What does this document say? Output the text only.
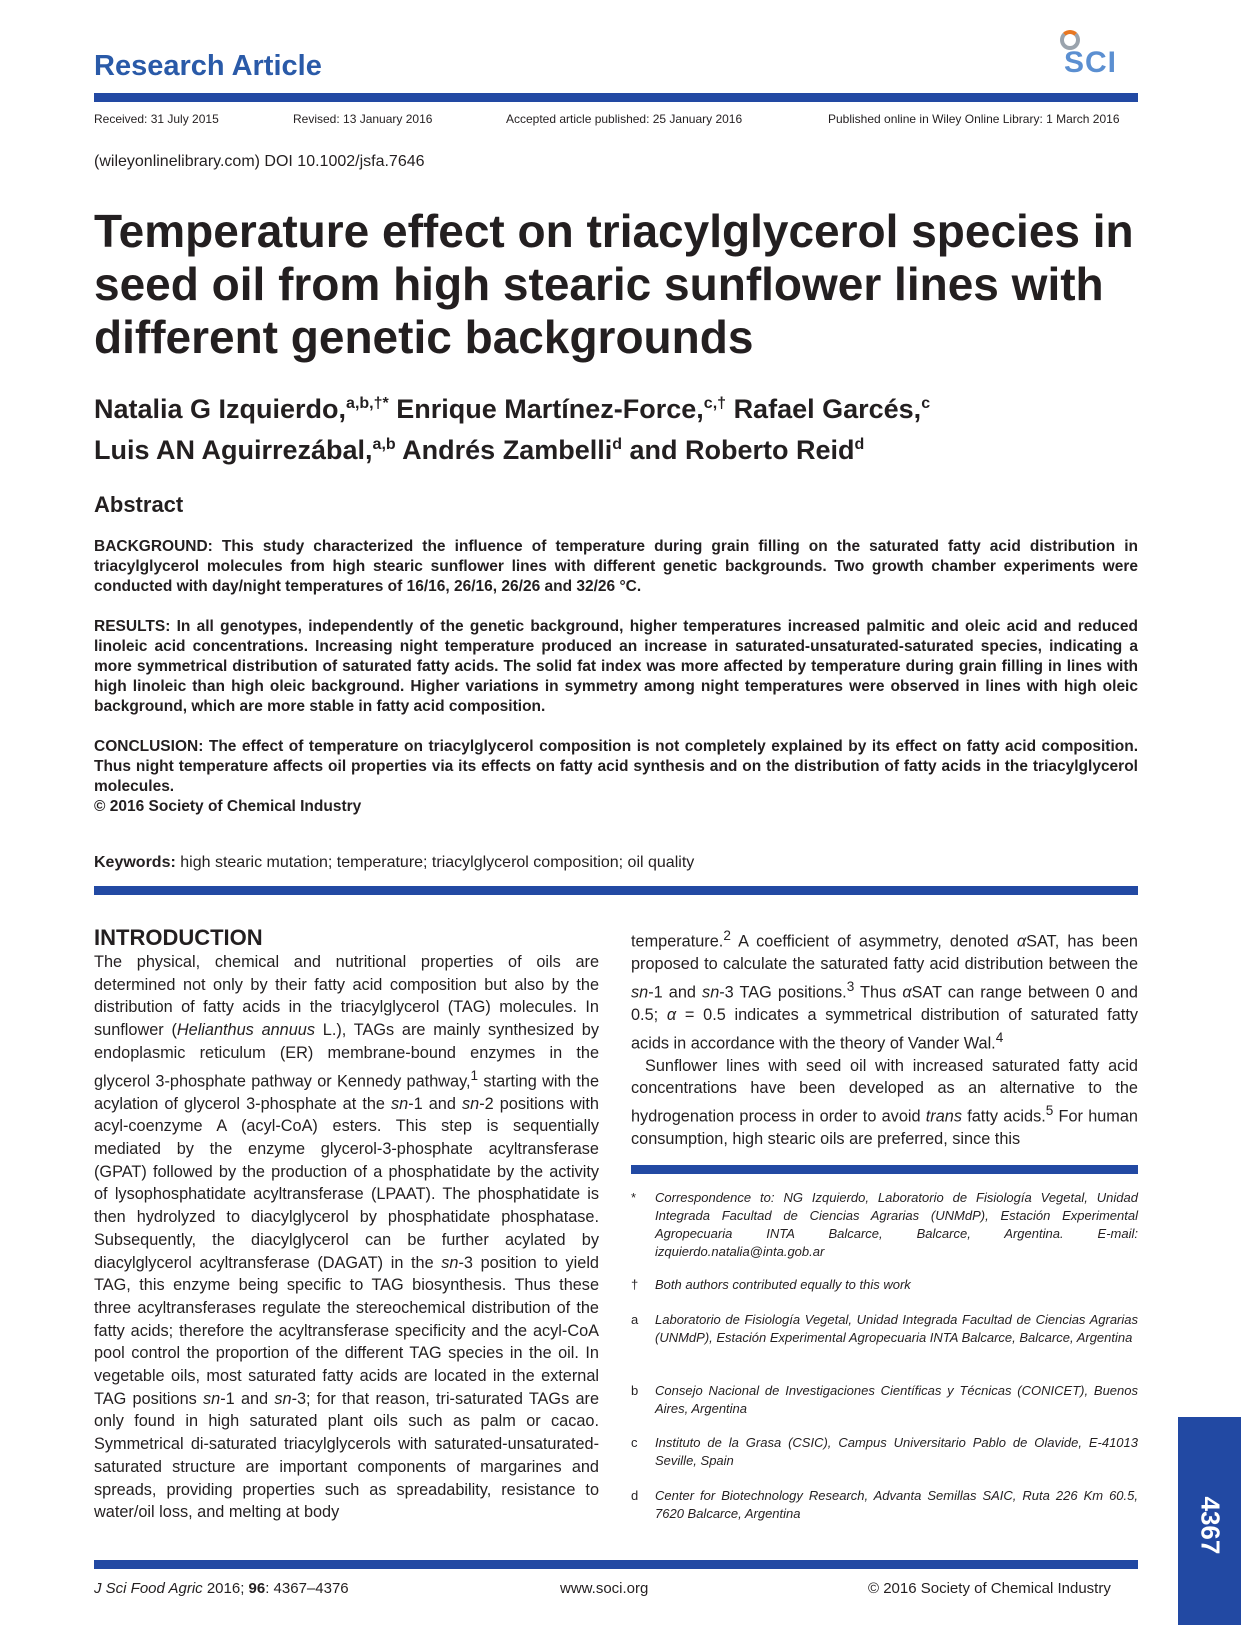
Research Article	SCI
Received: 31 July 2015	Revised: 13 January 2016	Accepted article published: 25 January 2016	Published online in Wiley Online Library: 1 March 2016
(wileyonlinelibrary.com) DOI 10.1002/jsfa.7646
Temperature effect on triacylglycerol species in seed oil from high stearic sunflower lines with different genetic backgrounds
Natalia G Izquierdo,$^{a,b,\dagger*}$ Enrique Martínez-Force,$^{c,\dagger}$ Rafael Garcés,$^c$
Luis AN Aguirrezábal,$^{a,b}$ Andrés Zambelli$^d$ and Roberto Reid$^d$
Abstract
BACKGROUND: This study characterized the influence of temperature during grain filling on the saturated fatty acid distribution in triacylglycerol molecules from high stearic sunflower lines with different genetic backgrounds. Two growth chamber experiments were conducted with day/night temperatures of 16/16, 26/16, 26/26 and 32/26 °C.
RESULTS: In all genotypes, independently of the genetic background, higher temperatures increased palmitic and oleic acid and reduced linoleic acid concentrations. Increasing night temperature produced an increase in saturated-unsaturated-saturated species, indicating a more symmetrical distribution of saturated fatty acids. The solid fat index was more affected by temperature during grain filling in lines with high linoleic than high oleic background. Higher variations in symmetry among night temperatures were observed in lines with high oleic background, which are more stable in fatty acid composition.
CONCLUSION: The effect of temperature on triacylglycerol composition is not completely explained by its effect on fatty acid composition. Thus night temperature affects oil properties via its effects on fatty acid synthesis and on the distribution of fatty acids in the triacylglycerol molecules.
© 2016 Society of Chemical Industry
Keywords: high stearic mutation; temperature; triacylglycerol composition; oil quality
INTRODUCTION

The physical, chemical and nutritional properties of oils are determined not only by their fatty acid composition but also by the distribution of fatty acids in the triacylglycerol (TAG) molecules. In sunflower (Helianthus annuus L.), TAGs are mainly synthesized by endoplasmic reticulum (ER) membrane-bound enzymes in the glycerol 3-phosphate pathway or Kennedy pathway,$^1$ starting with the acylation of glycerol 3-phosphate at the sn-1 and sn-2 positions with acyl-coenzyme A (acyl-CoA) esters. This step is sequentially mediated by the enzyme glycerol-3-phosphate acyltransferase (GPAT) followed by the production of a phosphatidate by the activity of lysophosphatidate acyltransferase (LPAAT). The phosphatidate is then hydrolyzed to diacylglycerol by phosphatidate phosphatase. Subsequently, the diacylglycerol can be further acylated by diacylglycerol acyltransferase (DAGAT) in the sn-3 position to yield TAG, this enzyme being specific to TAG biosynthesis. Thus these three acyltransferases regulate the stereochemical distribution of the fatty acids; therefore the acyltransferase specificity and the acyl-CoA pool control the proportion of the different TAG species in the oil. In vegetable oils, most saturated fatty acids are located in the external TAG positions sn-1 and sn-3; for that reason, tri-saturated TAGs are only found in high saturated plant oils such as palm or cacao. Symmetrical di-saturated triacylglycerols with saturated-unsaturated-saturated structure are important components of margarines and spreads, providing properties such as spreadability, resistance to water/oil loss, and melting at body

temperature.$^2$ A coefficient of asymmetry, denoted αSAT, has been proposed to calculate the saturated fatty acid distribution between the sn-1 and sn-3 TAG positions.$^3$ Thus αSAT can range between 0 and 0.5; α = 0.5 indicates a symmetrical distribution of saturated fatty acids in accordance with the theory of Vander Wal.$^4$

Sunflower lines with seed oil with increased saturated fatty acid concentrations have been developed as an alternative to the hydrogenation process in order to avoid trans fatty acids.$^5$ For human consumption, high stearic oils are preferred, since this

* Correspondence to: NG Izquierdo, Laboratorio de Fisiología Vegetal, Unidad Integrada Facultad de Ciencias Agrarias (UNMdP), Estación Experimental Agropecuaria INTA Balcarce, Balcarce, Argentina. E-mail: izquierdo.natalia@inta.gob.ar
† Both authors contributed equally to this work
a Laboratorio de Fisiología Vegetal, Unidad Integrada Facultad de Ciencias Agrarias (UNMdP), Estación Experimental Agropecuaria INTA Balcarce, Balcarce, Argentina
b Consejo Nacional de Investigaciones Científicas y Técnicas (CONICET), Buenos Aires, Argentina
c Instituto de la Grasa (CSIC), Campus Universitario Pablo de Olavide, E-41013 Seville, Spain
d Center for Biotechnology Research, Advanta Semillas SAIC, Ruta 226 Km 60.5, 7620 Balcarce, Argentina	4367
J Sci Food Agric 2016; 96: 4367–4376	www.soci.org	© 2016 Society of Chemical Industry
